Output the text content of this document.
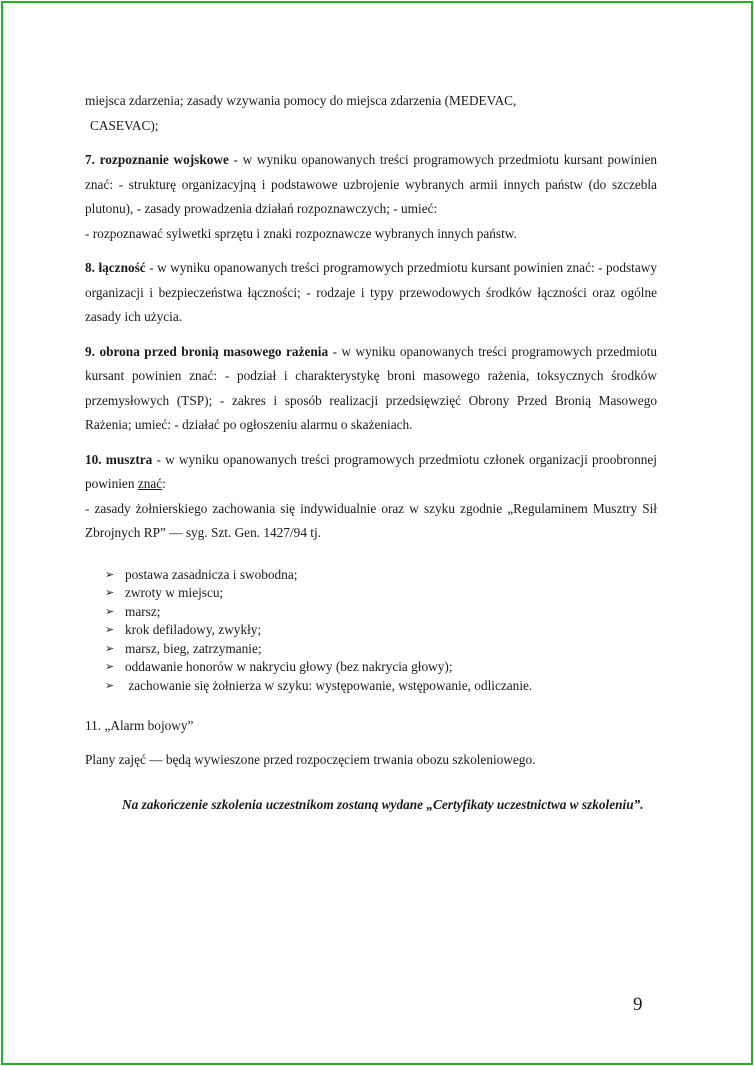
miejsca zdarzenia; zasady wzywania pomocy do miejsca zdarzenia (MEDEVAC,

CASEVAC);

7. rozpoznanie wojskowe - w wyniku opanowanych treści programowych przedmiotu kursant powinien znać: - strukturę organizacyjną i podstawowe uzbrojenie wybranych armii innych państw (do szczebla plutonu), - zasady prowadzenia działań rozpoznawczych; - umieć:

- rozpoznawać sylwetki sprzętu i znaki rozpoznawcze wybranych innych państw.

8. łączność - w wyniku opanowanych treści programowych przedmiotu kursant powinien znać: - podstawy organizacji i bezpieczeństwa łączności; - rodzaje i typy przewodowych środków łączności oraz ogólne zasady ich użycia.

9. obrona przed bronią masowego rażenia - w wyniku opanowanych treści programowych przedmiotu kursant powinien znać: - podział i charakterystykę broni masowego rażenia, toksycznych środków przemysłowych (TSP); - zakres i sposób realizacji przedsięwzięć Obrony Przed Bronią Masowego Rażenia; umieć: - działać po ogłoszeniu alarmu o skażeniach.

10. musztra - w wyniku opanowanych treści programowych przedmiotu członek organizacji proobronnej powinien znać:

- zasady żołnierskiego zachowania się indywidualnie oraz w szyku zgodnie „Regulaminem Musztry Sił Zbrojnych RP” — syg. Szt. Gen. 1427/94 tj.

➢ postawa zasadnicza i swobodna;
➢ zwroty w miejscu;
➢ marsz;
➢ krok defiladowy, zwykły;
➢ marsz, bieg, zatrzymanie;
➢ oddawanie honorów w nakryciu głowy (bez nakrycia głowy);
➢ zachowanie się żołnierza w szyku: występowanie, wstępowanie, odliczanie.

11. „Alarm bojowy”

Plany zajęć — będą wywieszone przed rozpoczęciem trwania obozu szkoleniowego.

Na zakończenie szkolenia uczestnikom zostaną wydane „Certyfikaty uczestnictwa w szkoleniu”.

9
